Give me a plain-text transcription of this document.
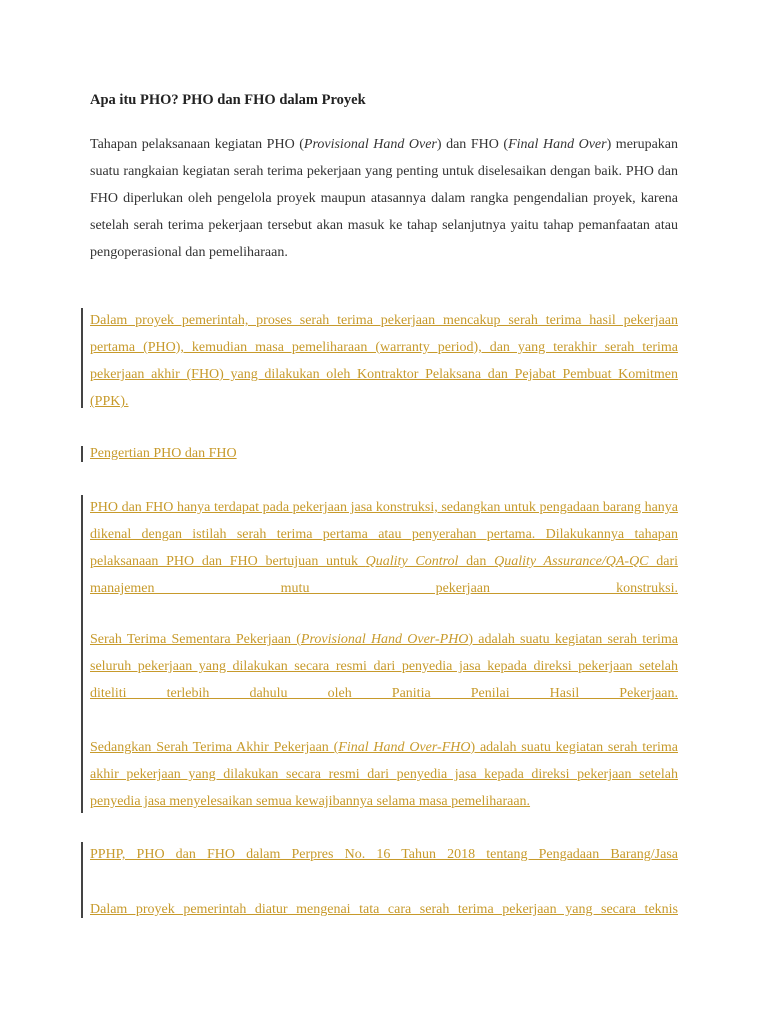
Apa itu PHO? PHO dan FHO dalam Proyek
Tahapan pelaksanaan kegiatan PHO (Provisional Hand Over) dan FHO (Final Hand Over) merupakan suatu rangkaian kegiatan serah terima pekerjaan yang penting untuk diselesaikan dengan baik. PHO dan FHO diperlukan oleh pengelola proyek maupun atasannya dalam rangka pengendalian proyek, karena setelah serah terima pekerjaan tersebut akan masuk ke tahap selanjutnya yaitu tahap pemanfaatan atau pengoperasional dan pemeliharaan.
Dalam proyek pemerintah, proses serah terima pekerjaan mencakup serah terima hasil pekerjaan pertama (PHO), kemudian masa pemeliharaan (warranty period), dan yang terakhir serah terima pekerjaan akhir (FHO) yang dilakukan oleh Kontraktor Pelaksana dan Pejabat Pembuat Komitmen (PPK).
Pengertian PHO dan FHO
PHO dan FHO hanya terdapat pada pekerjaan jasa konstruksi, sedangkan untuk pengadaan barang hanya dikenal dengan istilah serah terima pertama atau penyerahan pertama. Dilakukannya tahapan pelaksanaan PHO dan FHO bertujuan untuk Quality Control dan Quality Assurance/QA-QC dari manajemen mutu pekerjaan konstruksi.
Serah Terima Sementara Pekerjaan (Provisional Hand Over-PHO) adalah suatu kegiatan serah terima seluruh pekerjaan yang dilakukan secara resmi dari penyedia jasa kepada direksi pekerjaan setelah diteliti terlebih dahulu oleh Panitia Penilai Hasil Pekerjaan.
Sedangkan Serah Terima Akhir Pekerjaan (Final Hand Over-FHO) adalah suatu kegiatan serah terima akhir pekerjaan yang dilakukan secara resmi dari penyedia jasa kepada direksi pekerjaan setelah penyedia jasa menyelesaikan semua kewajibannya selama masa pemeliharaan.
PPHP, PHO dan FHO dalam Perpres No. 16 Tahun 2018 tentang Pengadaan Barang/Jasa
Dalam proyek pemerintah diatur mengenai tata cara serah terima pekerjaan yang secara teknis
